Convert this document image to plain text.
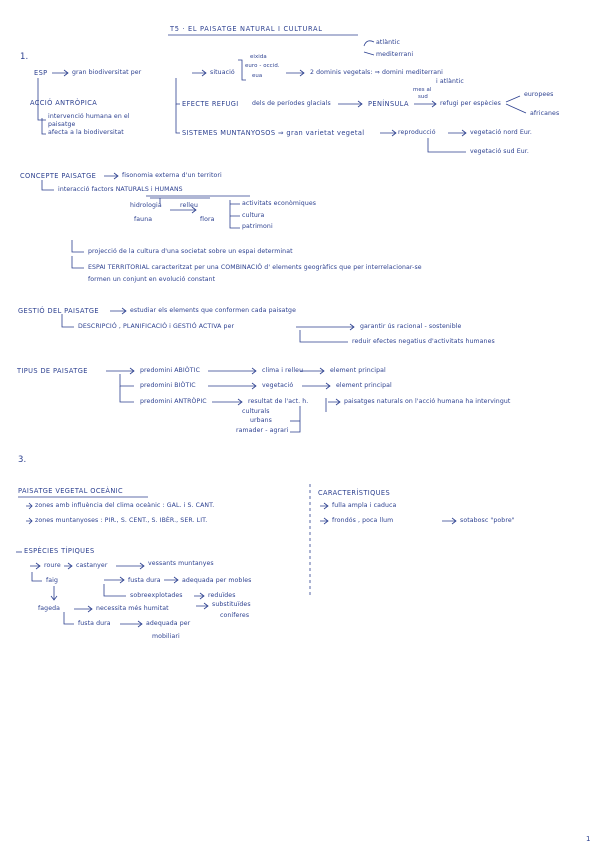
T5 · EL PAISATGE NATURAL I CULTURAL
1.
ESP	gran biodiversitat per	situació
eixida
euro - occid.
eua	2 dominis vegetals: ⇒ domini mediterrani
i atlàntic
atlàntic
mediterrani
ACCIÓ ANTRÒPICA
intervenció humana en el
paisatge
afecta a la biodiversitat
EFECTE REFUGI dels de períodes glacials	PENÍNSULA	refugi per espècies
mes al
sud	europees
africanes
SISTEMES MUNTANYOSOS ⇒ gran varietat vegetal	reproducció	vegetació nord Eur.
vegetació sud Eur.
CONCEPTE PAISATGE	fisonomia externa d'un territori
interacció factors NATURALS i HUMANS
hidrologia	relleu
fauna	flora
activitats econòmiques
cultura
patrimoni
projecció de la cultura d'una societat sobre un espai determinat
ESPAI TERRITORIAL caracteritzat per una COMBINACIÓ d' elements geogràfics que per interrelacionar-se
formen un conjunt en evolució constant
GESTIÓ DEL PAISATGE	estudiar els elements que conformen cada paisatge
DESCRIPCIÓ , PLANIFICACIÓ i GESTIÓ ACTIVA per	garantir ús racional - sostenible
reduir efectes negatius d'activitats humanes
TIPUS DE PAISATGE	predomini ABIÒTIC	clima i relleu	element principal
predomini BIÒTIC	vegetació	element principal
predomini ANTRÒPIC	resultat de l'act. h.	paisatges naturals on l'acció humana ha intervingut
culturals
urbans
ramader - agrari
3.
PAISATGE VEGETAL OCEÀNIC
zones amb influència del clima oceànic : GAL. i S. CANT.
zones muntanyoses : PIR., S. CENT., S. IBÈR., SER. LIT.
CARACTERÍSTIQUES
fulla ampla i caduca
frondós , poca llum	sotabosc "pobre"
ESPÈCIES TÍPIQUES
roure castanyer	vessants muntanyes
faig	fusta dura	adequada per mobles
sobreexplotades	reduïdes
fageda	necessita més humitat
substituïdes
coníferes
fusta dura	adequada per
mobiliari
1
